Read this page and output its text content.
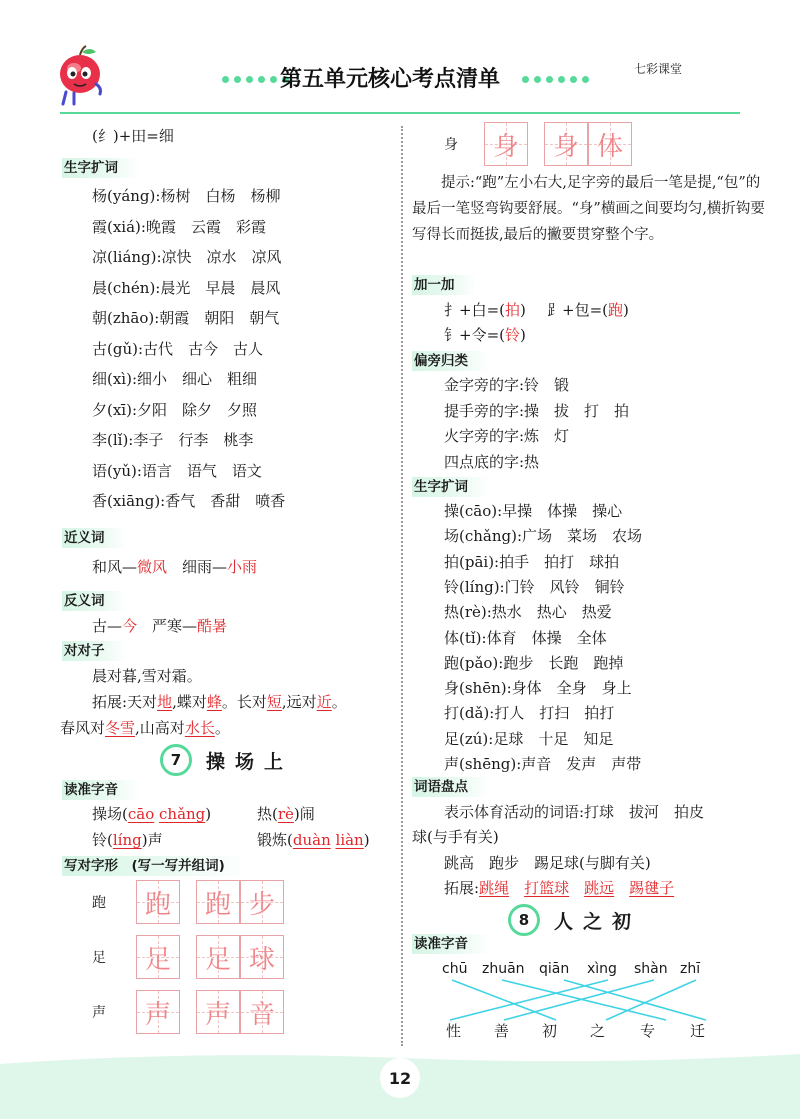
第五单元核心考点清单	七彩课堂
(纟)+田=细
生字扩词
杨(yáng):杨树　白杨　杨柳
霞(xiá):晚霞　云霞　彩霞
凉(liáng):凉快　凉水　凉风
晨(chén):晨光　早晨　晨风
朝(zhāo):朝霞　朝阳　朝气
古(gǔ):古代　古今　古人
细(xì):细小　细心　粗细
夕(xī):夕阳　除夕　夕照
李(lǐ):李子　行李　桃李
语(yǔ):语言　语气　语文
香(xiāng):香气　香甜　喷香
近义词
和风—微风　细雨—小雨
反义词
古—今　严寒—酷暑
对对子
晨对暮,雪对霜。
拓展:天对地,蝶对蜂。长对短,远对近。
春风对冬雪,山高对水长。
7	操场上
读准字音
操场(cāo chǎng)	热(rè)闹
铃(líng)声	锻炼(duàn liàn)
写对字形　 (写一写并组词)
跑	跑	跑 步
足	足	足 球
声	声	声 音
身	身	身 体
提示:“跑”左小右大,足字旁的最后一笔是提,“包”的最后一笔竖弯钩要舒展。“身”横画之间要均匀,横折钩要写得长而挺拔,最后的撇要贯穿整个字。
加一加
扌+白=(拍) ⻊+包=(跑)
钅+令=(铃)
偏旁归类
金字旁的字:铃　锻
提手旁的字:操　拔　打　拍
火字旁的字:炼　灯
四点底的字:热
生字扩词
操(cāo):早操　体操　操心
场(chǎng):广场　菜场　农场
拍(pāi):拍手　拍打　球拍
铃(líng):门铃　风铃　铜铃
热(rè):热水　热心　热爱
体(tǐ):体育　体操　全体
跑(pǎo):跑步　长跑　跑掉
身(shēn):身体　全身　身上
打(dǎ):打人　打扫　拍打
足(zú):足球　十足　知足
声(shēng):声音　发声　声带
词语盘点
表示体育活动的词语:打球　拔河　拍皮
球(与手有关)
跳高　跑步　踢足球(与脚有关)
拓展:跳绳　 打篮球　 跳远　 踢毽子
8	人之初
读准字音
chū zhuān qiān xìng shàn zhī
性 善 初 之 专 迁
12
